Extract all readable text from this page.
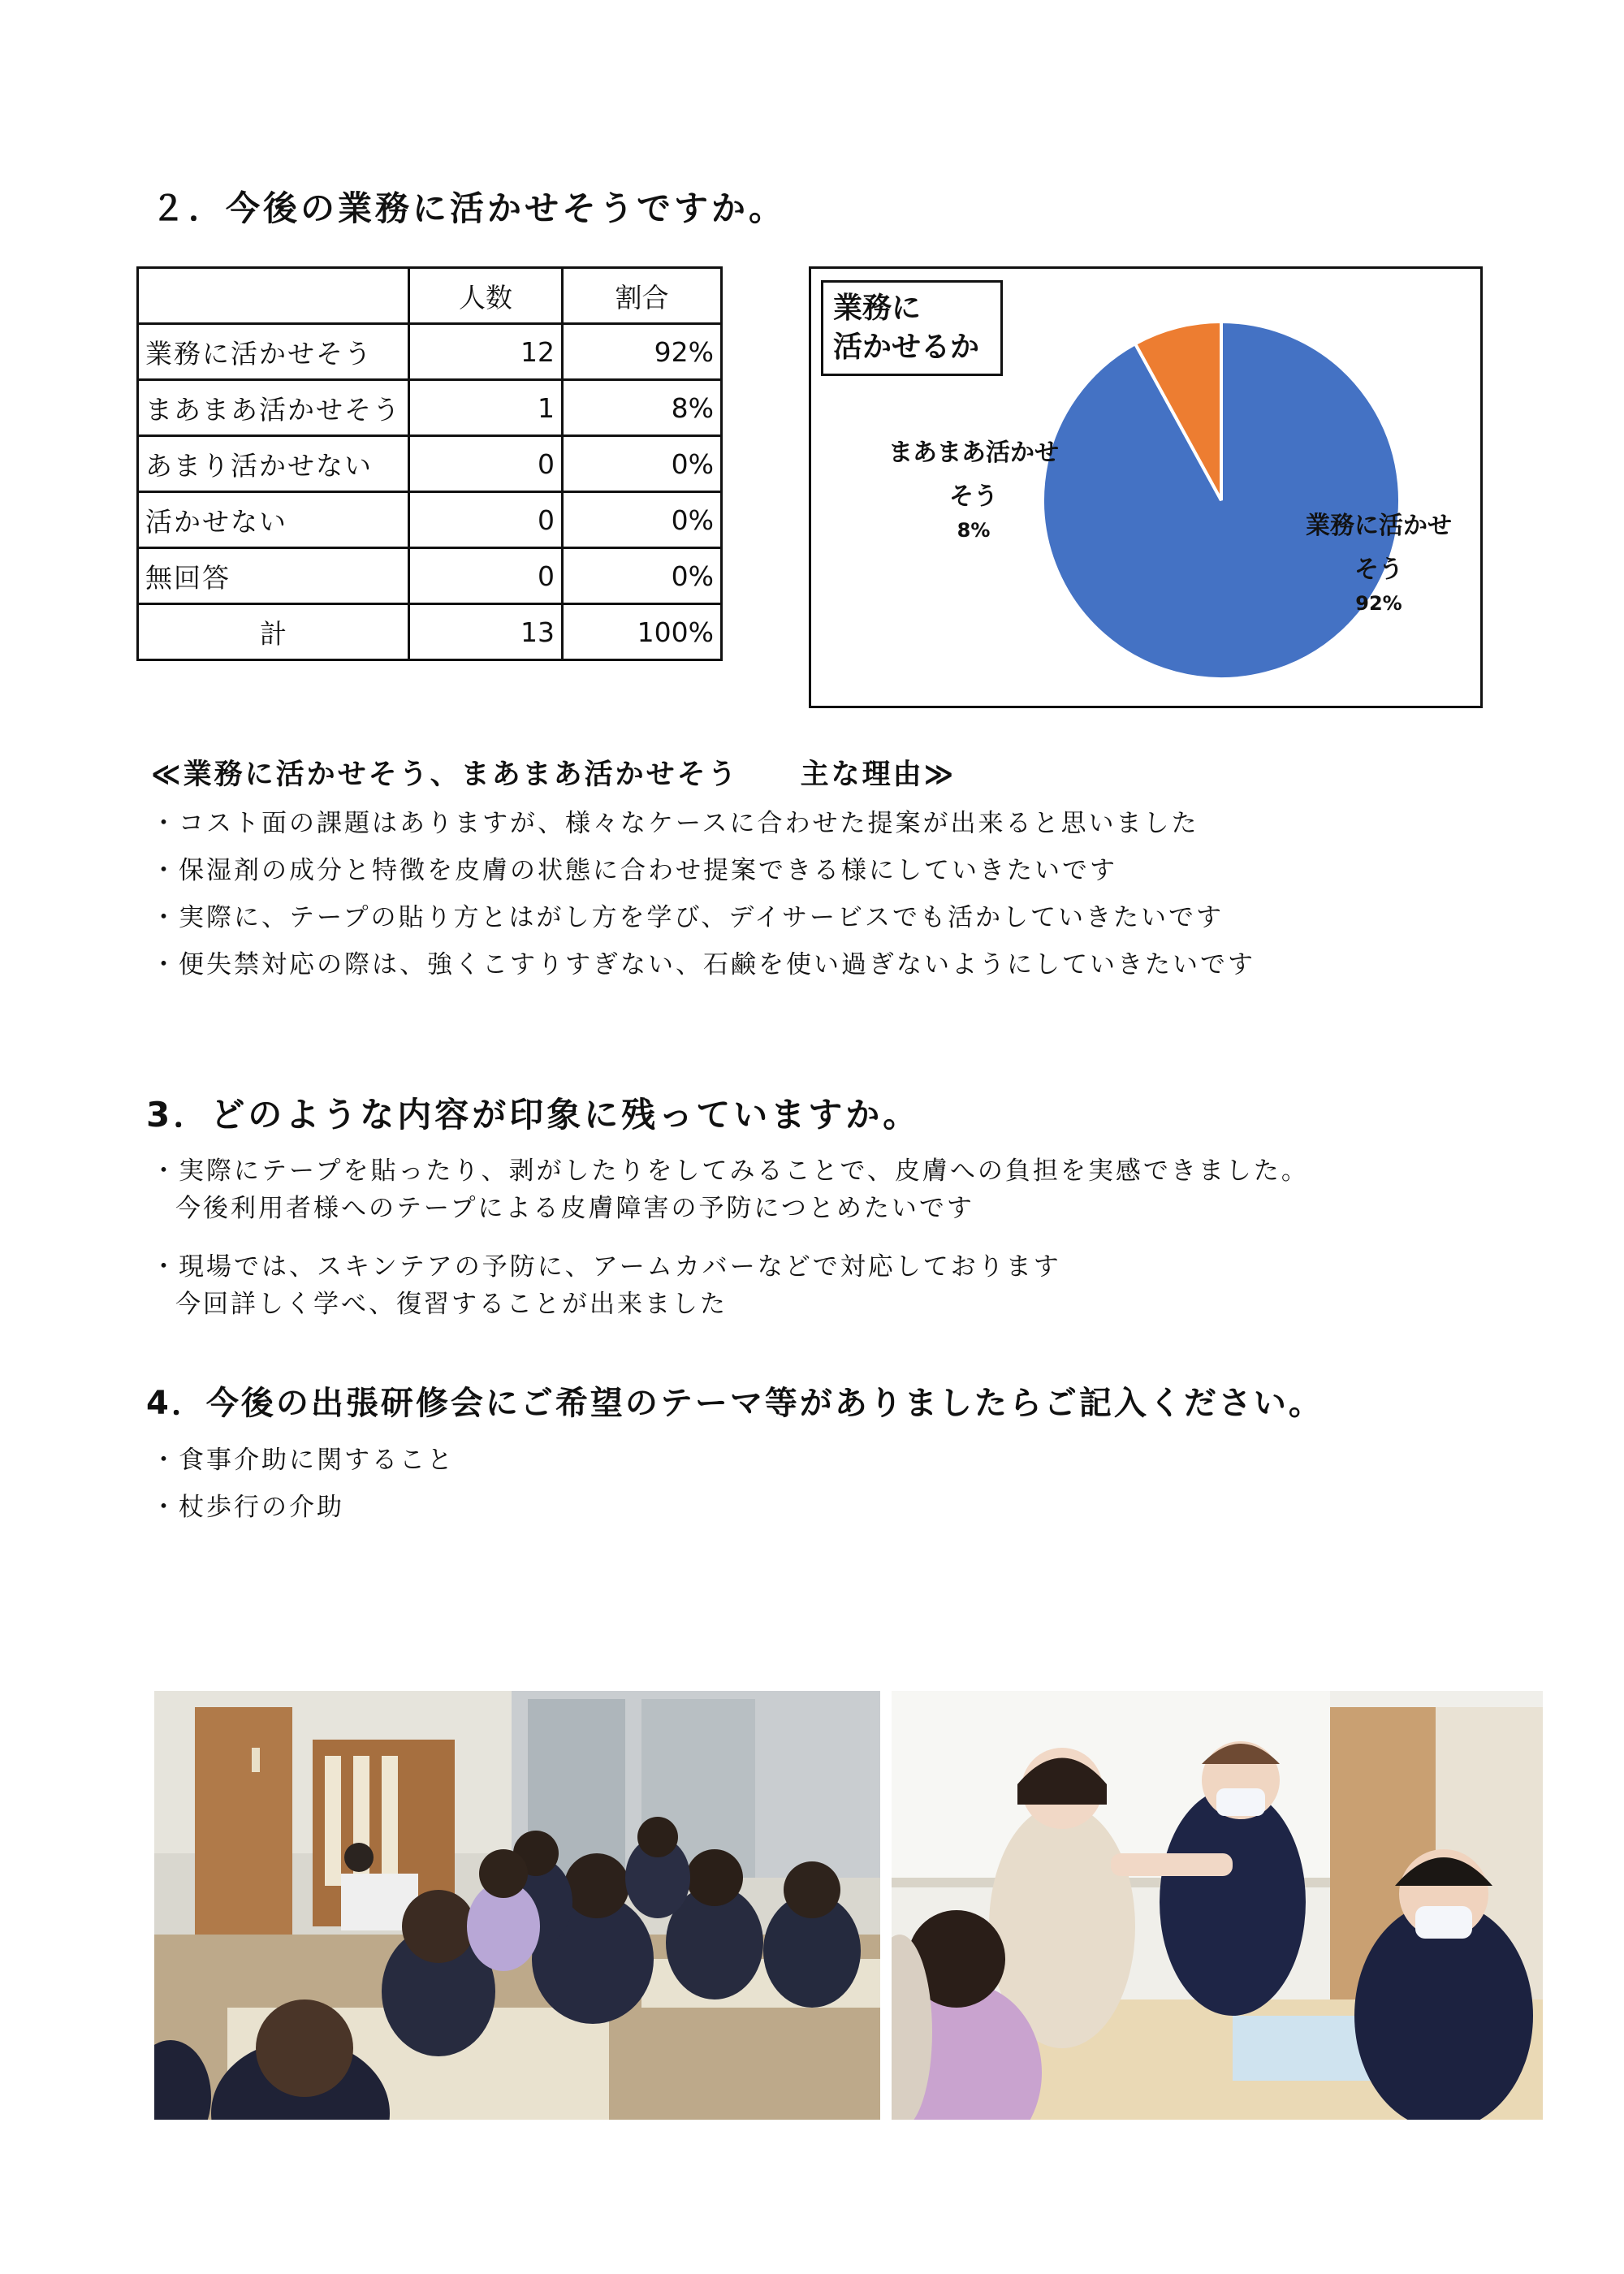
２．今後の業務に活かせそうですか。
	人数	割合
業務に活かせそう	12	92%
まあまあ活かせそう	1	8%
あまり活かせない	0	0%
活かせない	0	0%
無回答	0	0%
計	13	100%
業務に
活かせるか
まあまあ活かせ
そう
8%	業務に活かせ
そう
92%
≪業務に活かせそう、まあまあ活かせそう　　主な理由≫
・コスト面の課題はありますが、様々なケースに合わせた提案が出来ると思いました
・保湿剤の成分と特徴を皮膚の状態に合わせ提案できる様にしていきたいです
・実際に、テープの貼り方とはがし方を学び、デイサービスでも活かしていきたいです
・便失禁対応の際は、強くこすりすぎない、石鹸を使い過ぎないようにしていきたいです
3．どのような内容が印象に残っていますか。
・実際にテープを貼ったり、剥がしたりをしてみることで、皮膚への負担を実感できました。
今後利用者様へのテープによる皮膚障害の予防につとめたいです
・現場では、スキンテアの予防に、アームカバーなどで対応しております
今回詳しく学べ、復習することが出来ました
4．今後の出張研修会にご希望のテーマ等がありましたらご記入ください。
・食事介助に関すること
・杖歩行の介助
